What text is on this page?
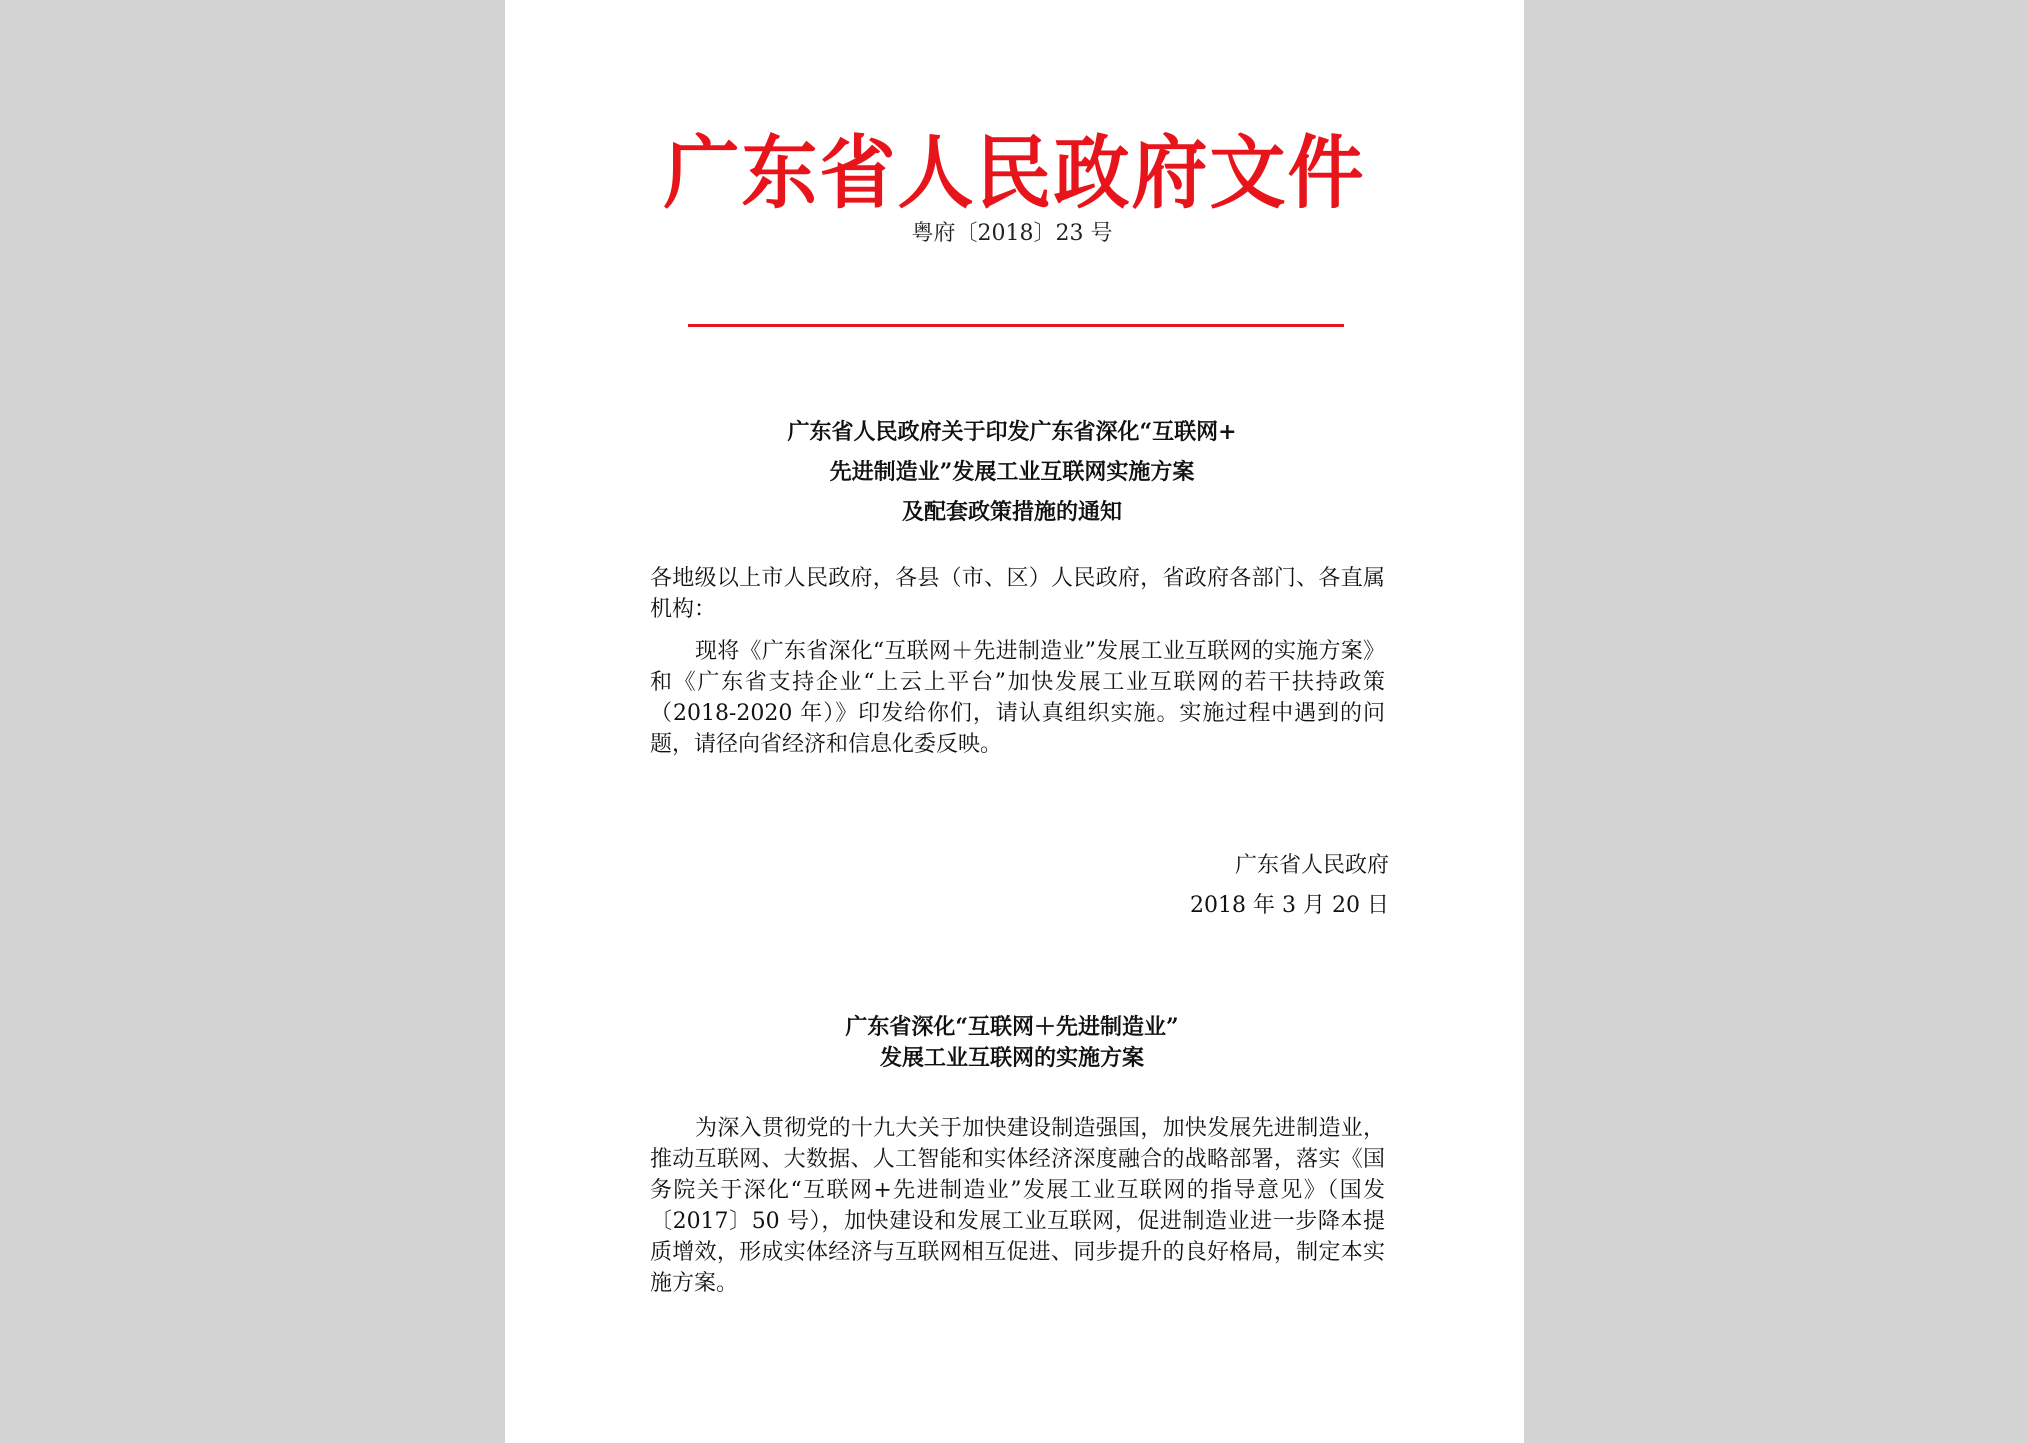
广东省人民政府文件
粤府〔2018〕23 号
广东省人民政府关于印发广东省深化“互联网+
先进制造业”发展工业互联网实施方案
及配套政策措施的通知
各地级以上市人民政府，各县（市、区）人民政府，省政府各部门、各直属机构：
现将《广东省深化“互联网＋先进制造业”发展工业互联网的实施方案》和《广东省支持企业“上云上平台”加快发展工业互联网的若干扶持政策（2018-2020 年）》印发给你们，请认真组织实施。实施过程中遇到的问题，请径向省经济和信息化委反映。
广东省人民政府
2018 年 3 月 20 日
广东省深化“互联网＋先进制造业”
发展工业互联网的实施方案
为深入贯彻党的十九大关于加快建设制造强国，加快发展先进制造业，推动互联网、大数据、人工智能和实体经济深度融合的战略部署，落实《国务院关于深化“互联网+先进制造业”发展工业互联网的指导意见》（国发〔2017〕50 号），加快建设和发展工业互联网，促进制造业进一步降本提质增效，形成实体经济与互联网相互促进、同步提升的良好格局，制定本实施方案。
